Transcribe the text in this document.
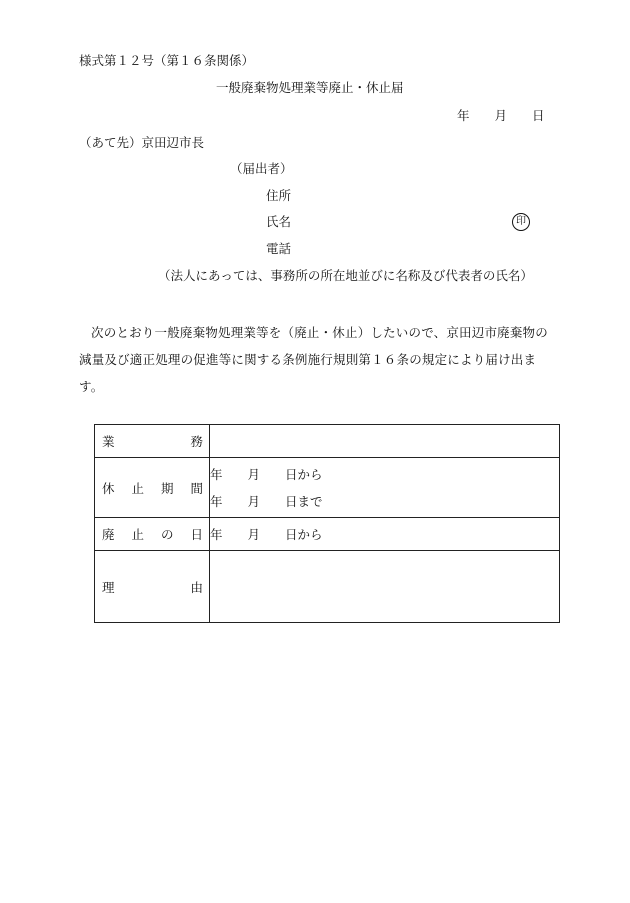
様式第１２号（第１６条関係）
一般廃棄物処理業等廃止・休止届
年　　月　　日
（あて先）京田辺市長
（届出者）
住所
氏名	印
電話
（法人にあっては、事務所の所在地並びに名称及び代表者の氏名）
次のとおり一般廃棄物処理業等を（廃止・休止）したいので、京田辺市廃棄物の減量及び適正処理の促進等に関する条例施行規則第１６条の規定により届け出ます。
業 務	

休 止 期 間	年　　月　　日から
年　　月　　日まで

廃 止 の 日	年　　月　　日から

理 由	
